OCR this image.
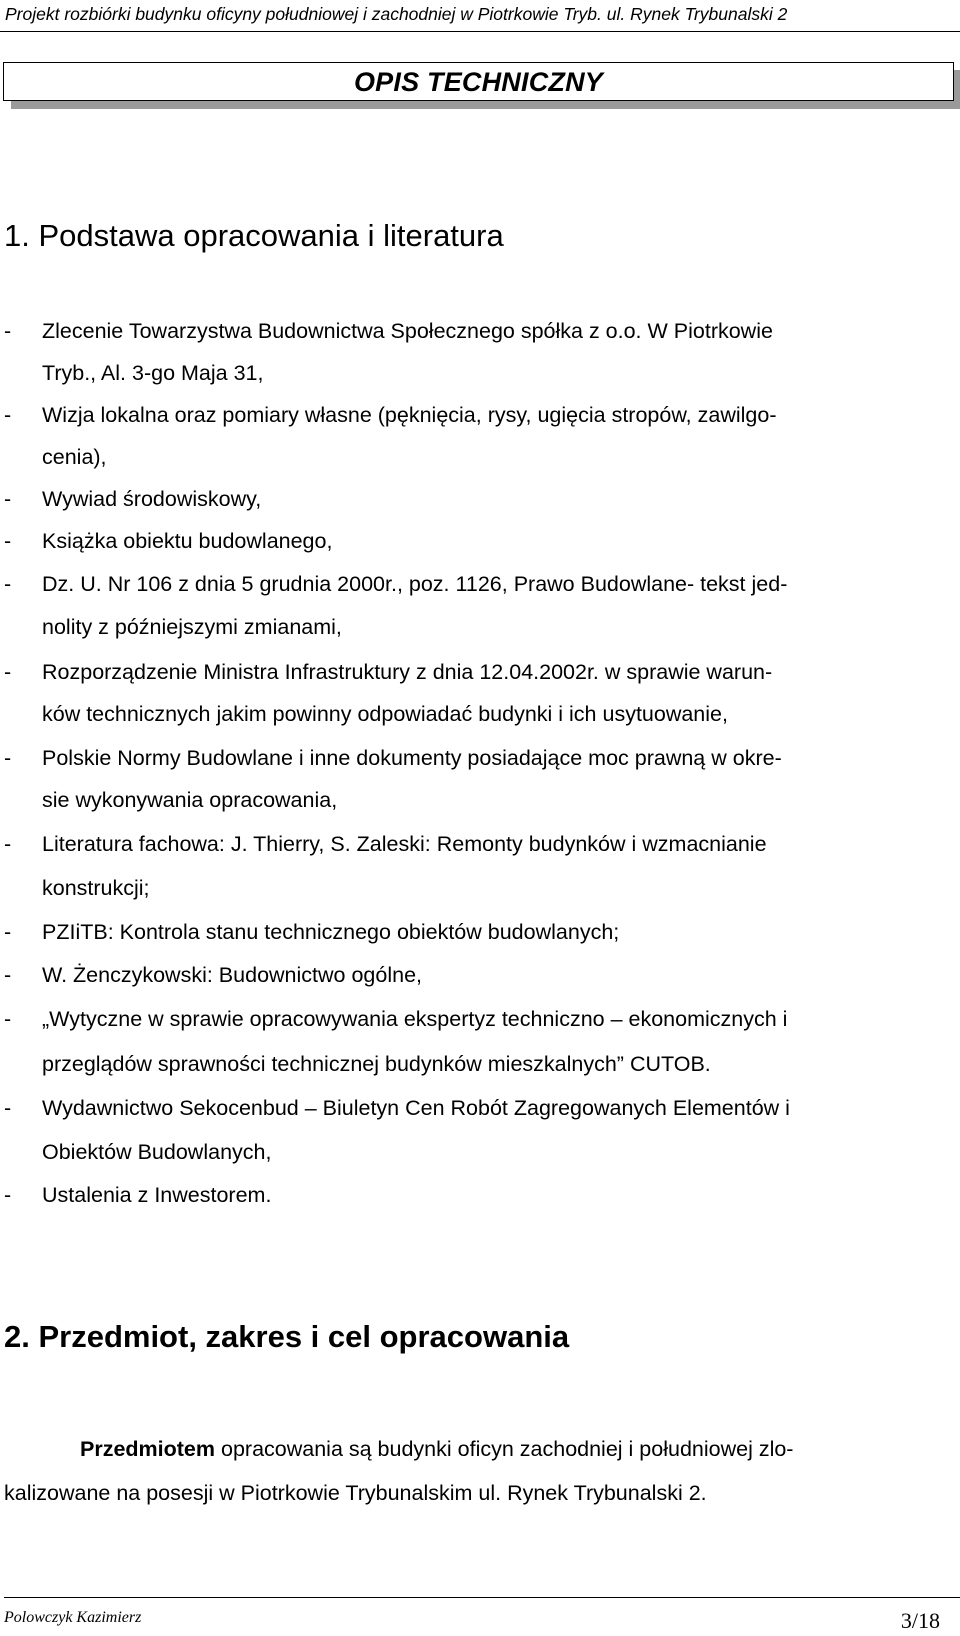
Projekt rozbiórki budynku oficyny południowej i zachodniej w Piotrkowie Tryb. ul. Rynek Trybunalski 2
OPIS TECHNICZNY
1. Podstawa opracowania i literatura
- Zlecenie Towarzystwa Budownictwa Społecznego spółka z o.o. W Piotrkowie
Tryb., Al. 3-go Maja 31,
- Wizja lokalna oraz pomiary własne (pęknięcia, rysy, ugięcia stropów, zawilgo-
cenia),
- Wywiad środowiskowy,
- Książka obiektu budowlanego,
- Dz. U. Nr 106 z dnia 5 grudnia 2000r., poz. 1126, Prawo Budowlane- tekst jed-
nolity z późniejszymi zmianami,
- Rozporządzenie Ministra Infrastruktury z dnia 12.04.2002r. w sprawie warun-
ków technicznych jakim powinny odpowiadać budynki i ich usytuowanie,
- Polskie Normy Budowlane i inne dokumenty posiadające moc prawną w okre-
sie wykonywania opracowania,
- Literatura fachowa: J. Thierry, S. Zaleski: Remonty budynków i wzmacnianie
konstrukcji;
- PZIiTB: Kontrola stanu technicznego obiektów budowlanych;
- W. Żenczykowski: Budownictwo ogólne,
- „Wytyczne w sprawie opracowywania ekspertyz techniczno – ekonomicznych i
przeglądów sprawności technicznej budynków mieszkalnych” CUTOB.
- Wydawnictwo Sekocenbud – Biuletyn Cen Robót Zagregowanych Elementów i
Obiektów Budowlanych,
- Ustalenia z Inwestorem.
2. Przedmiot, zakres i cel opracowania
Przedmiotem opracowania są budynki oficyn zachodniej i południowej zlo-
kalizowane na posesji w Piotrkowie Trybunalskim ul. Rynek Trybunalski 2.
Polowczyk Kazimierz	3/18
